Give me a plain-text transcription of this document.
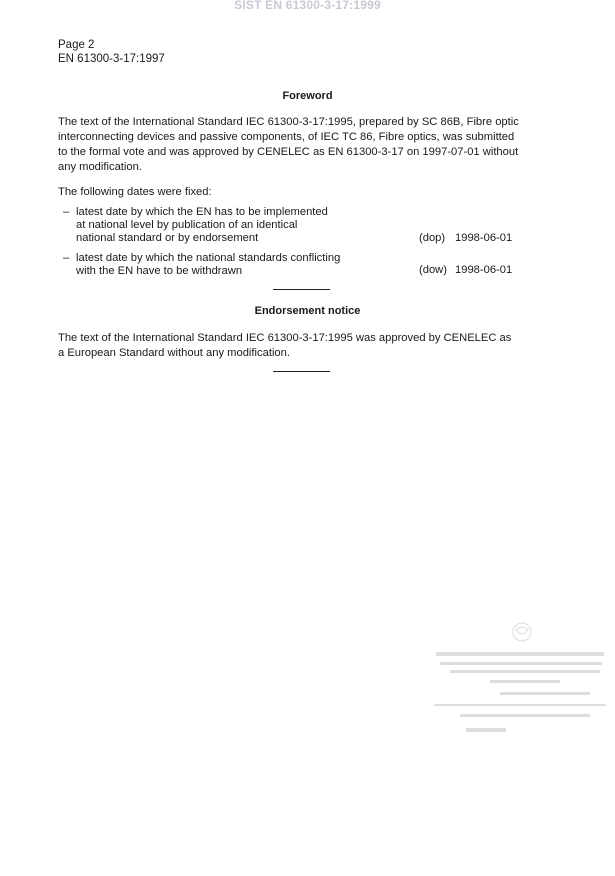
SIST EN 61300-3-17:1999
Page 2
EN 61300-3-17:1997
Foreword
The text of the International Standard IEC 61300-3-17:1995, prepared by SC 86B, Fibre optic
interconnecting devices and passive components, of IEC TC 86, Fibre optics, was submitted
to the formal vote and was approved by CENELEC as EN 61300-3-17 on 1997-07-01 without
any modification.
The following dates were fixed:
– latest date by which the EN has to be implemented
at national level by publication of an identical
national standard or by endorsement	(dop) 1998-06-01
– latest date by which the national standards conflicting
with the EN have to be withdrawn	(dow) 1998-06-01
Endorsement notice
The text of the International Standard IEC 61300-3-17:1995 was approved by CENELEC as
a European Standard without any modification.
